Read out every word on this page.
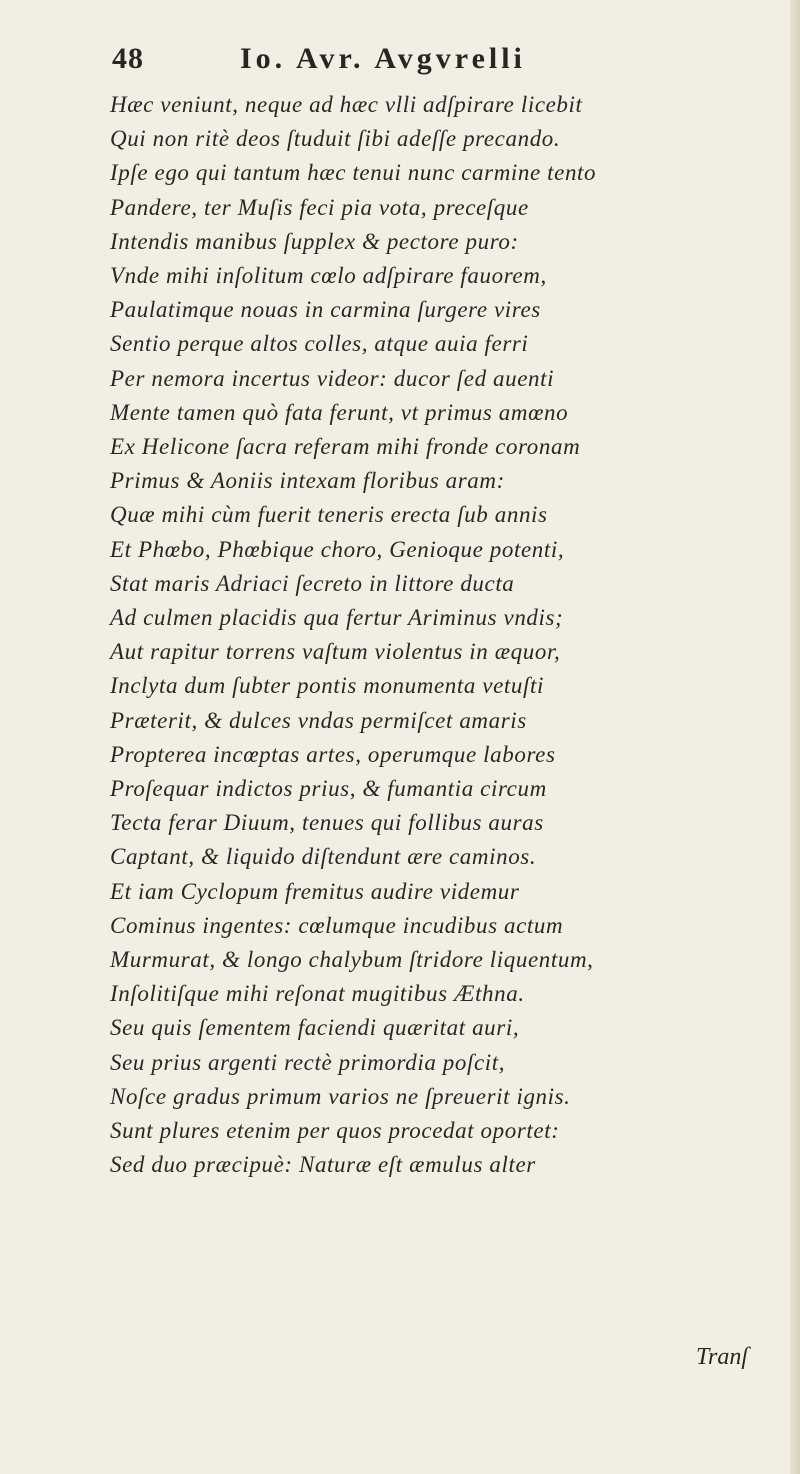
48	Io. Avr. Avgvrelli
Hæc veniunt, neque ad hæc vlli adſpirare licebit
Qui non ritè deos ſtuduit ſibi adeſſe precando.
Ipſe ego qui tantum hæc tenui nunc carmine tento
Pandere, ter Muſis feci pia vota, preceſque
Intendis manibus ſupplex & pectore puro:
Vnde mihi inſolitum cœlo adſpirare fauorem,
Paulatimque nouas in carmina ſurgere vires
Sentio perque altos colles, atque auia ferri
Per nemora incertus videor: ducor ſed auenti
Mente tamen quò fata ferunt, vt primus amœno
Ex Helicone ſacra referam mihi fronde coronam
Primus & Aoniis intexam floribus aram:
Quæ mihi cùm fuerit teneris erecta ſub annis
Et Phœbo, Phœbique choro, Genioque potenti,
Stat maris Adriaci ſecreto in littore ducta
Ad culmen placidis qua fertur Ariminus vndis;
Aut rapitur torrens vaſtum violentus in æquor,
Inclyta dum ſubter pontis monumenta vetuſti
Præterit, & dulces vndas permiſcet amaris
Propterea incœptas artes, operumque labores
Proſequar indictos prius, & fumantia circum
Tecta ferar Diuum, tenues qui follibus auras
Captant, & liquido diſtendunt ære caminos.
Et iam Cyclopum fremitus audire videmur
Cominus ingentes: cœlumque incudibus actum
Murmurat, & longo chalybum ſtridore liquentum,
Inſolitiſque mihi reſonat mugitibus Æthna.
Seu quis ſementem faciendi quæritat auri,
Seu prius argenti rectè primordia poſcit,
Noſce gradus primum varios ne ſpreuerit ignis.
Sunt plures etenim per quos procedat oportet:
Sed duo præcipuè: Naturæ eſt æmulus alter
Tranſ
